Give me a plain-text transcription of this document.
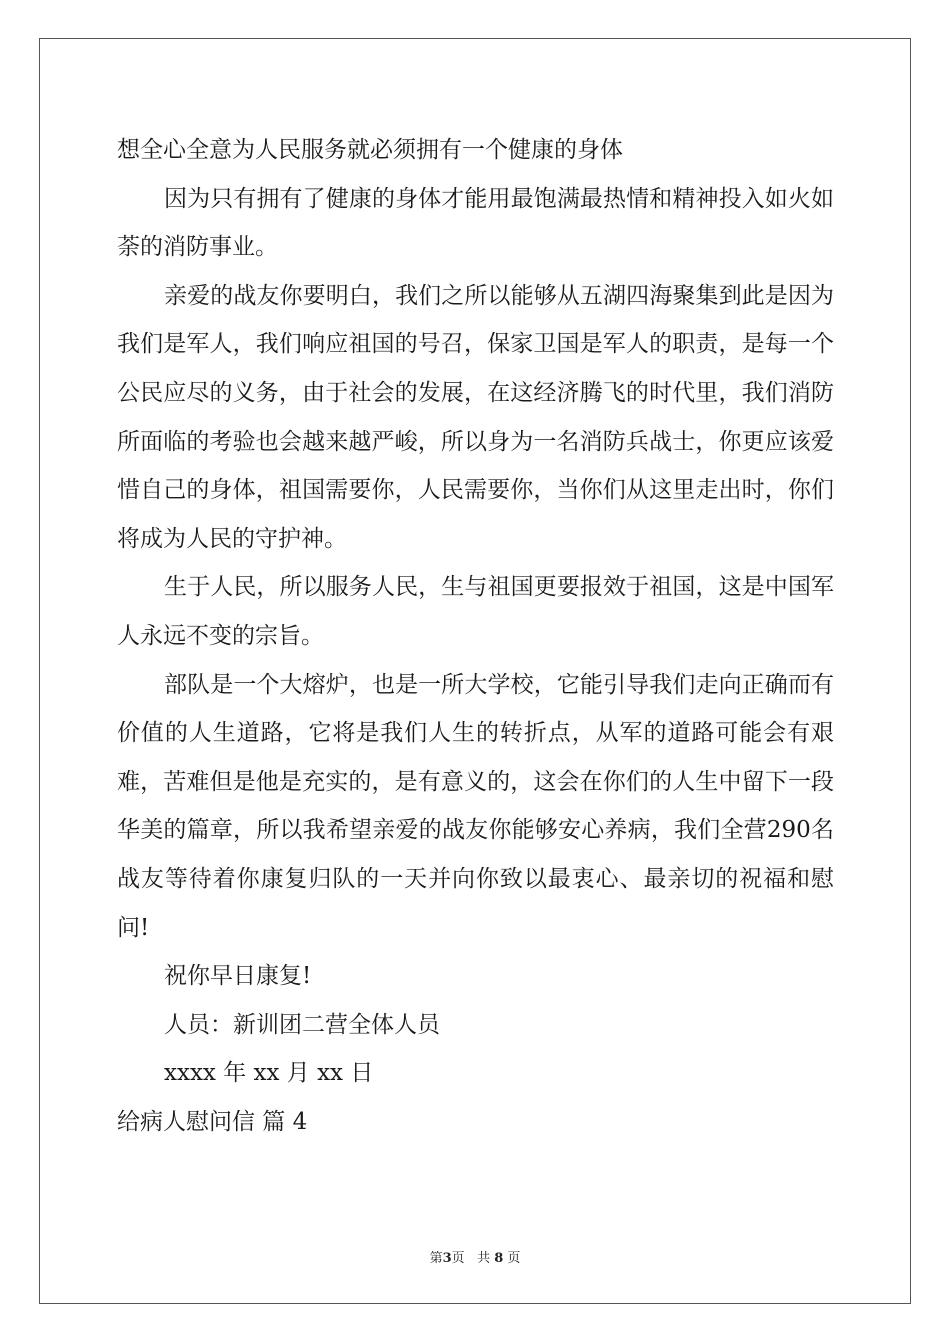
想全心全意为人民服务就必须拥有一个健康的身体

因为只有拥有了健康的身体才能用最饱满最热情和精神投入如火如荼的消防事业。

亲爱的战友你要明白，我们之所以能够从五湖四海聚集到此是因为我们是军人，我们响应祖国的号召，保家卫国是军人的职责，是每一个公民应尽的义务，由于社会的发展，在这经济腾飞的时代里，我们消防所面临的考验也会越来越严峻，所以身为一名消防兵战士，你更应该爱惜自己的身体，祖国需要你，人民需要你，当你们从这里走出时，你们将成为人民的守护神。

生于人民，所以服务人民，生与祖国更要报效于祖国，这是中国军人永远不变的宗旨。

部队是一个大熔炉，也是一所大学校，它能引导我们走向正确而有价值的人生道路，它将是我们人生的转折点，从军的道路可能会有艰难，苦难但是他是充实的，是有意义的，这会在你们的人生中留下一段华美的篇章，所以我希望亲爱的战友你能够安心养病，我们全营290名战友等待着你康复归队的一天并向你致以最衷心、最亲切的祝福和慰问!

祝你早日康复!

人员：新训团二营全体人员

xxxx 年 xx 月 xx 日

给病人慰问信 篇 4

第3页 共 8 页
